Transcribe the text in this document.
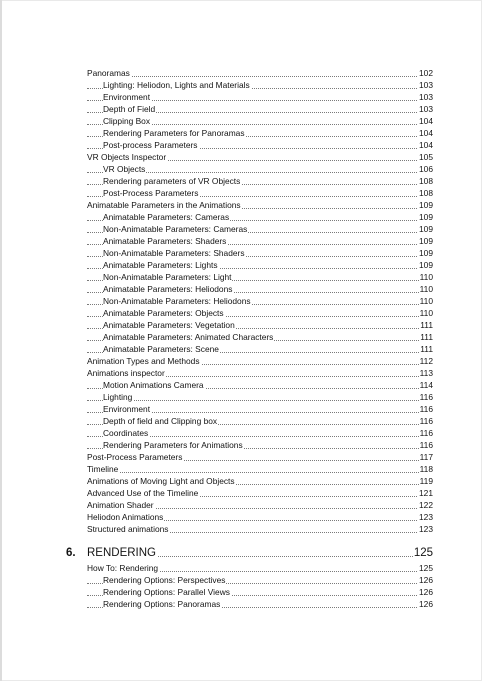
Panoramas	102
Lighting: Heliodon, Lights and Materials	103
Environment	103
Depth of Field	103
Clipping Box	104
Rendering Parameters for Panoramas	104
Post-process Parameters	104
VR Objects Inspector	105
VR Objects	106
Rendering parameters of VR Objects	108
Post-Process Parameters	108
Animatable Parameters in the Animations	109
Animatable Parameters: Cameras	109
Non-Animatable Parameters: Cameras	109
Animatable Parameters: Shaders	109
Non-Animatable Parameters: Shaders	109
Animatable Parameters: Lights	109
Non-Animatable Parameters: Light	110
Animatable Parameters: Heliodons	110
Non-Animatable Parameters: Heliodons	110
Animatable Parameters: Objects	110
Animatable Parameters: Vegetation	111
Animatable Parameters: Animated Characters	111
Animatable Parameters: Scene	111
Animation Types and Methods	112
Animations inspector	113
Motion Animations Camera	114
Lighting	116
Environment	116
Depth of field and Clipping box	116
Coordinates	116
Rendering Parameters for Animations	116
Post-Process Parameters	117
Timeline	118
Animations of Moving Light and Objects	119
Advanced Use of the Timeline	121
Animation Shader	122
Heliodon Animations	123
Structured animations	123
6. RENDERING	125
How To: Rendering	125
Rendering Options: Perspectives	126
Rendering Options: Parallel Views	126
Rendering Options: Panoramas	126
